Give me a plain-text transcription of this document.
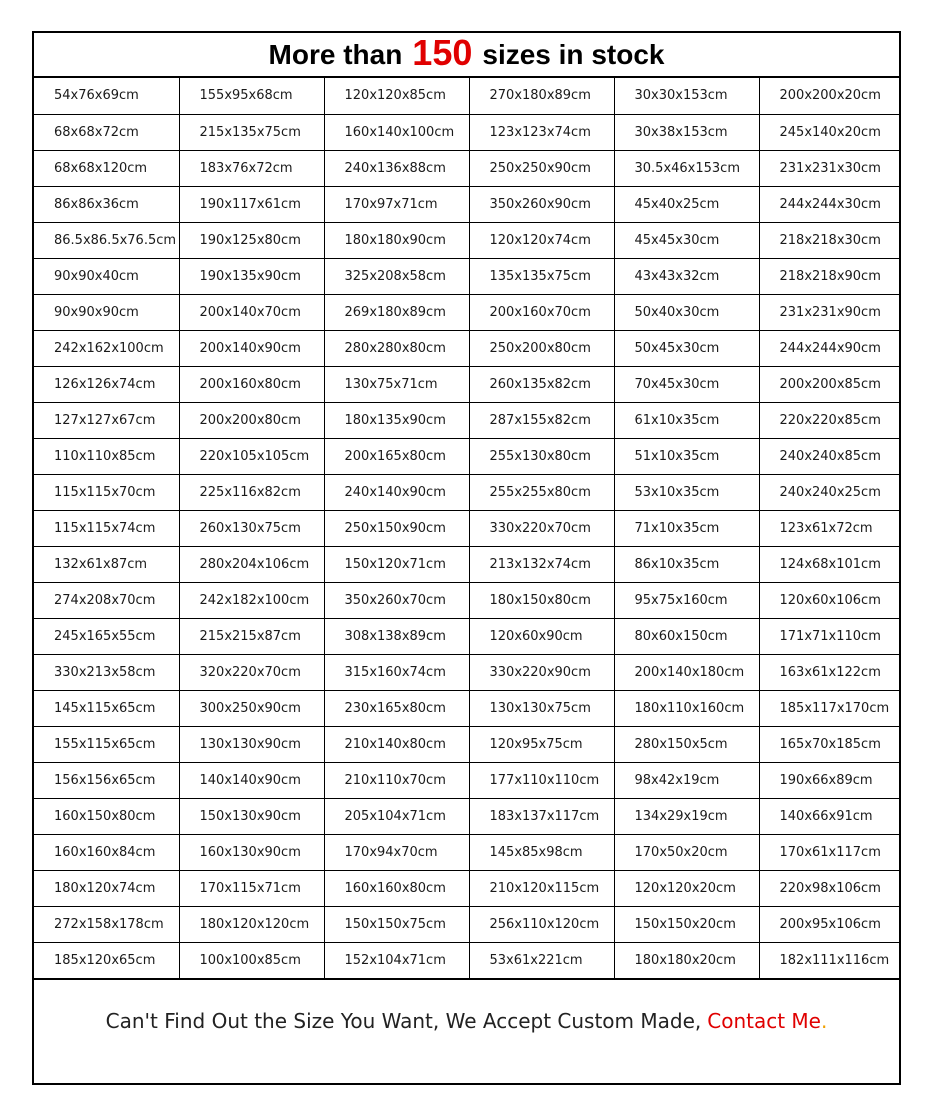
More than 150 sizes in stock
54x76x69cm	155x95x68cm	120x120x85cm	270x180x89cm	30x30x153cm	200x200x20cm
68x68x72cm	215x135x75cm	160x140x100cm	123x123x74cm	30x38x153cm	245x140x20cm
68x68x120cm	183x76x72cm	240x136x88cm	250x250x90cm	30.5x46x153cm	231x231x30cm
86x86x36cm	190x117x61cm	170x97x71cm	350x260x90cm	45x40x25cm	244x244x30cm
86.5x86.5x76.5cm	190x125x80cm	180x180x90cm	120x120x74cm	45x45x30cm	218x218x30cm
90x90x40cm	190x135x90cm	325x208x58cm	135x135x75cm	43x43x32cm	218x218x90cm
90x90x90cm	200x140x70cm	269x180x89cm	200x160x70cm	50x40x30cm	231x231x90cm
242x162x100cm	200x140x90cm	280x280x80cm	250x200x80cm	50x45x30cm	244x244x90cm
126x126x74cm	200x160x80cm	130x75x71cm	260x135x82cm	70x45x30cm	200x200x85cm
127x127x67cm	200x200x80cm	180x135x90cm	287x155x82cm	61x10x35cm	220x220x85cm
110x110x85cm	220x105x105cm	200x165x80cm	255x130x80cm	51x10x35cm	240x240x85cm
115x115x70cm	225x116x82cm	240x140x90cm	255x255x80cm	53x10x35cm	240x240x25cm
115x115x74cm	260x130x75cm	250x150x90cm	330x220x70cm	71x10x35cm	123x61x72cm
132x61x87cm	280x204x106cm	150x120x71cm	213x132x74cm	86x10x35cm	124x68x101cm
274x208x70cm	242x182x100cm	350x260x70cm	180x150x80cm	95x75x160cm	120x60x106cm
245x165x55cm	215x215x87cm	308x138x89cm	120x60x90cm	80x60x150cm	171x71x110cm
330x213x58cm	320x220x70cm	315x160x74cm	330x220x90cm	200x140x180cm	163x61x122cm
145x115x65cm	300x250x90cm	230x165x80cm	130x130x75cm	180x110x160cm	185x117x170cm
155x115x65cm	130x130x90cm	210x140x80cm	120x95x75cm	280x150x5cm	165x70x185cm
156x156x65cm	140x140x90cm	210x110x70cm	177x110x110cm	98x42x19cm	190x66x89cm
160x150x80cm	150x130x90cm	205x104x71cm	183x137x117cm	134x29x19cm	140x66x91cm
160x160x84cm	160x130x90cm	170x94x70cm	145x85x98cm	170x50x20cm	170x61x117cm
180x120x74cm	170x115x71cm	160x160x80cm	210x120x115cm	120x120x20cm	220x98x106cm
272x158x178cm	180x120x120cm	150x150x75cm	256x110x120cm	150x150x20cm	200x95x106cm
185x120x65cm	100x100x85cm	152x104x71cm	53x61x221cm	180x180x20cm	182x111x116cm
Can't Find Out the Size You Want, We Accept Custom Made, Contact Me .
